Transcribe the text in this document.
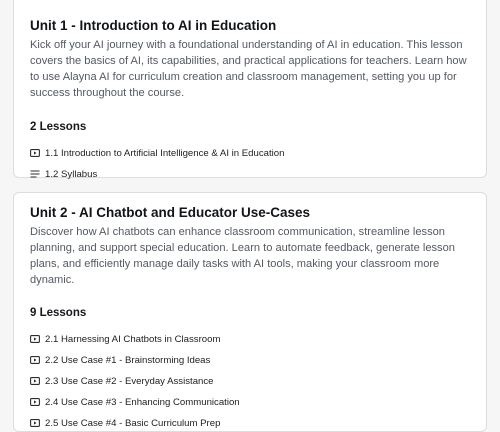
Unit 1 - Introduction to AI in Education

Kick off your AI journey with a foundational understanding of AI in education. This lesson covers the basics of AI, its capabilities, and practical applications for teachers. Learn how to use Alayna AI for curriculum creation and classroom management, setting you up for success throughout the course.

2 Lessons
1.1 Introduction to Artificial Intelligence & AI in Education
1.2 Syllabus
Unit 2 - AI Chatbot and Educator Use-Cases

Discover how AI chatbots can enhance classroom communication, streamline lesson planning, and support special education. Learn to automate feedback, generate lesson plans, and efficiently manage daily tasks with AI tools, making your classroom more dynamic.

9 Lessons
2.1 Harnessing AI Chatbots in Classroom
2.2 Use Case #1 - Brainstorming Ideas
2.3 Use Case #2 - Everyday Assistance
2.4 Use Case #3 - Enhancing Communication
2.5 Use Case #4 - Basic Curriculum Prep
